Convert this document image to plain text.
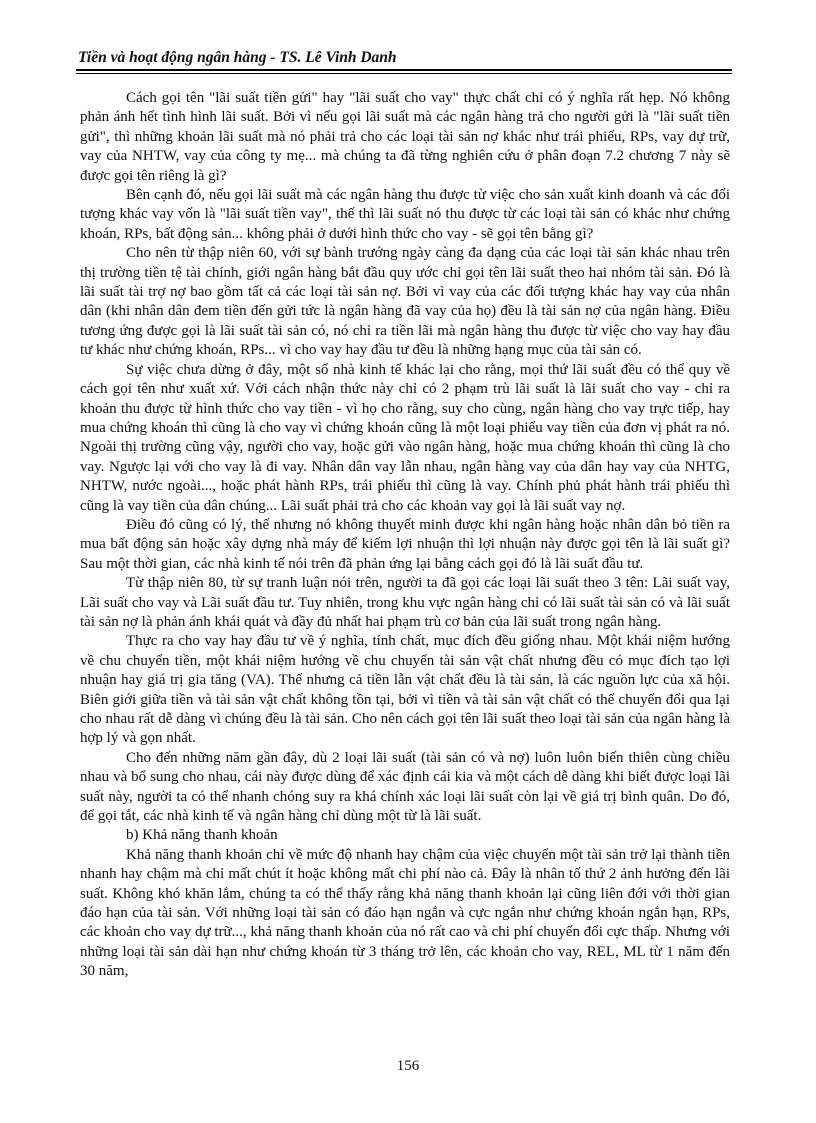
Tiền và hoạt động ngân hàng - TS. Lê Vinh Danh

Cách gọi tên "lãi suất tiền gửi" hay "lãi suất cho vay" thực chất chỉ có ý nghĩa rất hẹp. Nó không phản ánh hết tình hình lãi suất. Bởi vì nếu gọi lãi suất mà các ngân hàng trả cho người gửi là "lãi suất tiền gửi", thì những khoản lãi suất mà nó phải trả cho các loại tài sản nợ khác như trái phiếu, RPs, vay dự trữ, vay của NHTW, vay của công ty mẹ... mà chúng ta đã từng nghiên cứu ở phân đoạn 7.2 chương 7 này sẽ được gọi tên riêng là gì?

Bên cạnh đó, nếu gọi lãi suất mà các ngân hàng thu được từ việc cho sản xuất kinh doanh và các đối tượng khác vay vốn là "lãi suất tiền vay", thế thì lãi suất nó thu được từ các loại tài sản có khác như chứng khoán, RPs, bất động sản... không phải ở dưới hình thức cho vay - sẽ gọi tên bằng gì?

Cho nên từ thập niên 60, với sự bành trướng ngày càng đa dạng của các loại tài sản khác nhau trên thị trường tiền tệ tài chính, giới ngân hàng bắt đầu quy ước chỉ gọi tên lãi suất theo hai nhóm tài sản. Đó là lãi suất tài trợ nợ bao gồm tất cả các loại tài sản nợ. Bởi vì vay của các đối tượng khác hay vay của nhân dân (khi nhân dân đem tiền đến gửi tức là ngân hàng đã vay của họ) đều là tài sản nợ của ngân hàng. Điều tương ứng được gọi là lãi suất tài sản có, nó chỉ ra tiền lãi mà ngân hàng thu được từ việc cho vay hay đầu tư khác như chứng khoán, RPs... vì cho vay hay đầu tư đều là những hạng mục của tài sản có.

Sự việc chưa dừng ở đây, một số nhà kinh tế khác lại cho rằng, mọi thứ lãi suất đều có thể quy về cách gọi tên như xuất xứ. Với cách nhận thức này chỉ có 2 phạm trù lãi suất là lãi suất cho vay - chỉ ra khoản thu được từ hình thức cho vay tiền - vì họ cho rằng, suy cho cùng, ngân hàng cho vay trực tiếp, hay mua chứng khoán thì cũng là cho vay vì chứng khoán cũng là một loại phiếu vay tiền của đơn vị phát ra nó. Ngoài thị trường cũng vậy, người cho vay, hoặc gửi vào ngân hàng, hoặc mua chứng khoán thì cũng là cho vay. Ngược lại với cho vay là đi vay. Nhân dân vay lẫn nhau, ngân hàng vay của dân hay vay của NHTG, NHTW, nước ngoài..., hoặc phát hành RPs, trái phiếu thì cũng là vay. Chính phủ phát hành trái phiếu thì cũng là vay tiền của dân chúng... Lãi suất phải trả cho các khoản vay gọi là lãi suất vay nợ.

Điều đó cũng có lý, thế nhưng nó không thuyết minh được khi ngân hàng hoặc nhân dân bỏ tiền ra mua bất động sản hoặc xây dựng nhà máy để kiếm lợi nhuận thì lợi nhuận này được gọi tên là lãi suất gì? Sau một thời gian, các nhà kinh tế nói trên đã phản ứng lại bằng cách gọi đó là lãi suất đầu tư.

Từ thập niên 80, từ sự tranh luận nói trên, người ta đã gọi các loại lãi suất theo 3 tên: Lãi suất vay, Lãi suất cho vay và Lãi suất đầu tư. Tuy nhiên, trong khu vực ngân hàng chỉ có lãi suất tài sản có và lãi suất tài sản nợ là phản ánh khái quát và đầy đủ nhất hai phạm trù cơ bản của lãi suất trong ngân hàng.

Thực ra cho vay hay đầu tư về ý nghĩa, tính chất, mục đích đều giống nhau. Một khái niệm hướng về chu chuyển tiền, một khái niệm hướng về chu chuyển tài sản vật chất nhưng đều có mục đích tạo lợi nhuận hay giá trị gia tăng (VA). Thế nhưng cả tiền lẫn vật chất đều là tài sản, là các nguồn lực của xã hội. Biên giới giữa tiền và tài sản vật chất không tồn tại, bởi vì tiền và tài sản vật chất có thể chuyển đổi qua lại cho nhau rất dễ dàng vì chúng đều là tài sản. Cho nên cách gọi tên lãi suất theo loại tài sản của ngân hàng là hợp lý và gọn nhất.

Cho đến những năm gần đây, dù 2 loại lãi suất (tài sản có và nợ) luôn luôn biến thiên cùng chiều nhau và bổ sung cho nhau, cái này được dùng để xác định cái kia và một cách dễ dàng khi biết được loại lãi suất này, người ta có thể nhanh chóng suy ra khá chính xác loại lãi suất còn lại về giá trị bình quân. Do đó, để gọi tắt, các nhà kinh tế và ngân hàng chỉ dùng một từ là lãi suất.

b) Khả năng thanh khoản

Khả năng thanh khoản chỉ về mức độ nhanh hay chậm của việc chuyển một tài sản trở lại thành tiền nhanh hay chậm mà chỉ mất chút ít hoặc không mất chi phí nào cả. Đây là nhân tố thứ 2 ảnh hưởng đến lãi suất. Không khó khăn lắm, chúng ta có thể thấy rằng khả năng thanh khoản lại cũng liên đới với thời gian đáo hạn của tài sản. Với những loại tài sản có đáo hạn ngắn và cực ngắn như chứng khoán ngắn hạn, RPs, các khoản cho vay dự trữ..., khả năng thanh khoản của nó rất cao và chi phí chuyển đổi cực thấp. Nhưng với những loại tài sản dài hạn như chứng khoán từ 3 tháng trở lên, các khoản cho vay, REL, ML từ 1 năm đến 30 năm,

156
